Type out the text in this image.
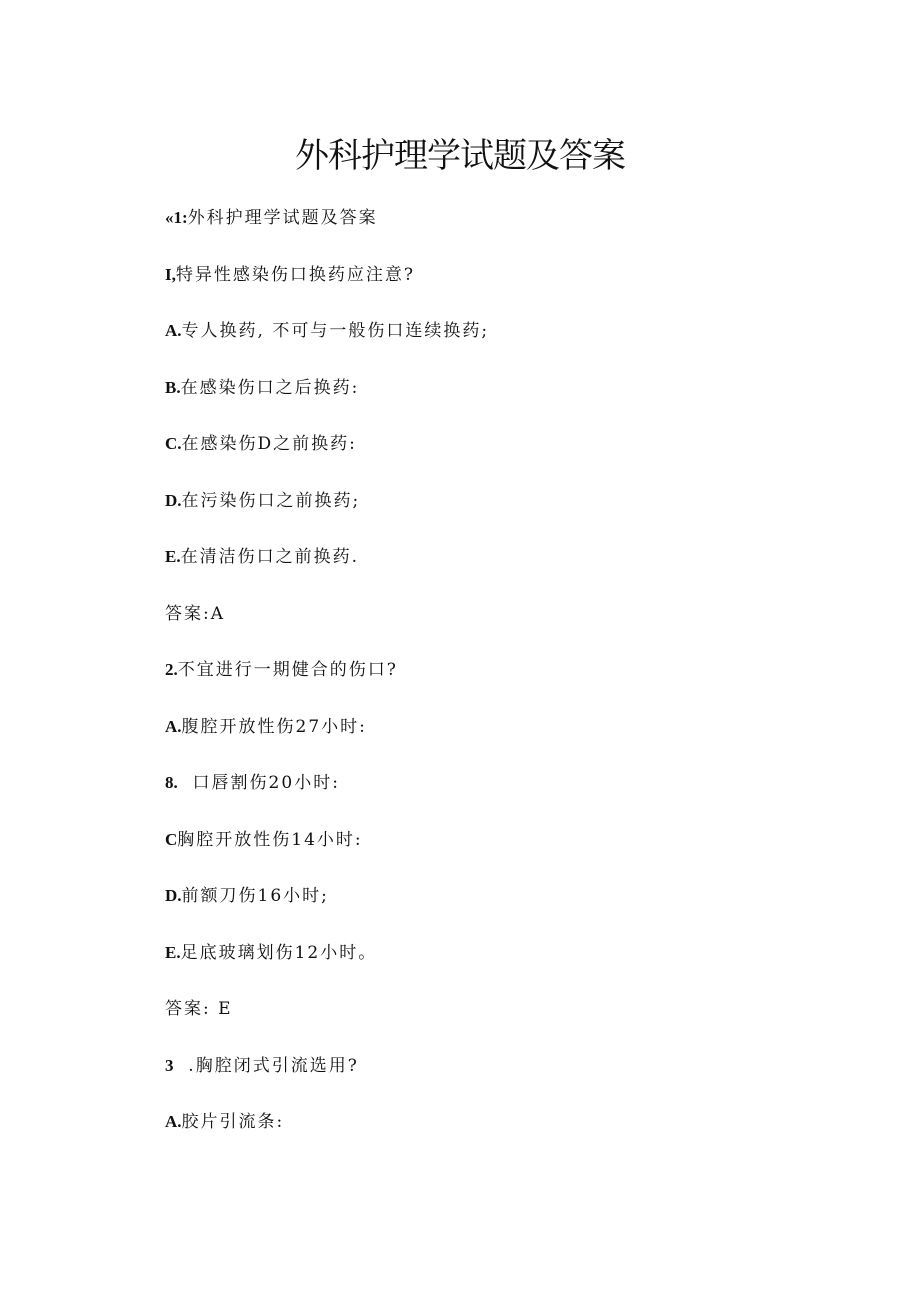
外科护理学试题及答案
«1:外科护理学试题及答案
I,特异性感染伤口换药应注意?
A.专人换药, 不可与一般伤口连续换药;
B.在感染伤口之后换药:
C.在感染伤D之前换药:
D.在污染伤口之前换药;
E.在清洁伤口之前换药.
答案:A
2.不宜进行一期健合的伤口?
A.腹腔开放性伤27小时:
8.  口唇割伤20小时:
C胸腔开放性伤14小时:
D.前额刀伤16小时;
E.足底玻璃划伤12小时。
答案: E
3  .胸腔闭式引流选用?
A.胶片引流条:
